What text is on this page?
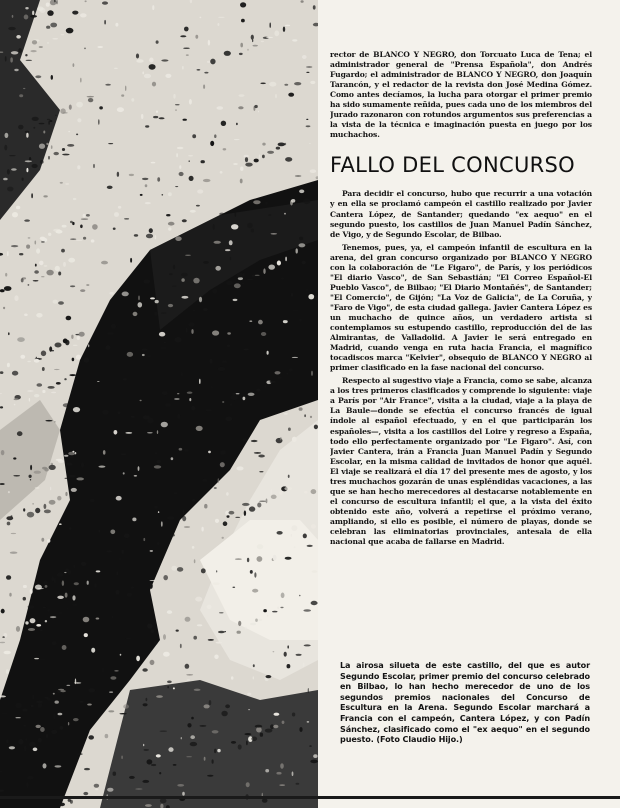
rector de BLANCO Y NEGRO, don Torcuato Luca de Tena; el administrador general de "Prensa Española", don Andrés Fugardo; el administrador de BLANCO Y NEGRO, don Joaquín Tarancón, y el redactor de la revista don José Medina Gómez. Como antes decíamos, la lucha para otorgar el primer premio ha sido sumamente reñida, pues cada uno de los miembros del Jurado razonaron con rotundos argumentos sus preferencias a la vista de la técnica e imaginación puesta en juego por los muchachos.

FALLO DEL CONCURSO

Para decidir el concurso, hubo que recurrir a una votación y en ella se proclamó campeón el castillo realizado por Javier Cantera López, de Santander; quedando "ex aequo" en el segundo puesto, los castillos de Juan Manuel Padín Sánchez, de Vigo, y de Segundo Escolar, de Bilbao.

Tenemos, pues, ya, el campeón infantil de escultura en la arena, del gran concurso organizado por BLANCO Y NEGRO con la colaboración de "Le Figaro", de París, y los periódicos "El diario Vasco", de San Sebastián; "El Correo Español-El Pueblo Vasco", de Bilbao; "El Diario Montañés", de Santander; "El Comercio", de Gijón; "La Voz de Galicia", de La Coruña, y "Faro de Vigo", de esta ciudad gallega. Javier Cantera López es un muchacho de quince años, un verdadero artista si contemplamos su estupendo castillo, reproducción del de las Almirantas, de Valladolid. A Javier le será entregado en Madrid, cuando venga en ruta hacia Francia, el magnífico tocadiscos marca "Kelvier", obsequio de BLANCO Y NEGRO al primer clasificado en la fase nacional del concurso.

Respecto al sugestivo viaje a Francia, como se sabe, alcanza a los tres primeros clasificados y comprende lo siguiente: viaje a París por "Air France", visita a la ciudad, viaje a la playa de La Baule—donde se efectúa el concurso francés de igual índole al español efectuado, y en el que participarán los españoles—, visita a los castillos del Loire y regreso a España, todo ello perfectamente organizado por "Le Figaro". Así, con Javier Cantera, irán a Francia Juan Manuel Padín y Segundo Escolar, en la misma calidad de invitados de honor que aquél. El viaje se realizará el día 17 del presente mes de agosto, y los tres muchachos gozarán de unas espléndidas vacaciones, a las que se han hecho merecedores al destacarse notablemente en el concurso de escultura infantil; el que, a la vista del éxito obtenido este año, volverá a repetirse el próximo verano, ampliando, si ello es posible, el número de playas, donde se celebran las eliminatorias provinciales, antesala de ella nacional que acaba de fallarse en Madrid.

La airosa silueta de este castillo, del que es autor Segundo Escolar, primer premio del concurso celebrado en Bilbao, lo han hecho merecedor de uno de los segundos premios nacionales del Concurso de Escultura en la Arena. Segundo Escolar marchará a Francia con el campeón, Cantera López, y con Padín Sánchez, clasificado como el "ex aequo" en el segundo puesto. (Foto Claudio Hijo.)
